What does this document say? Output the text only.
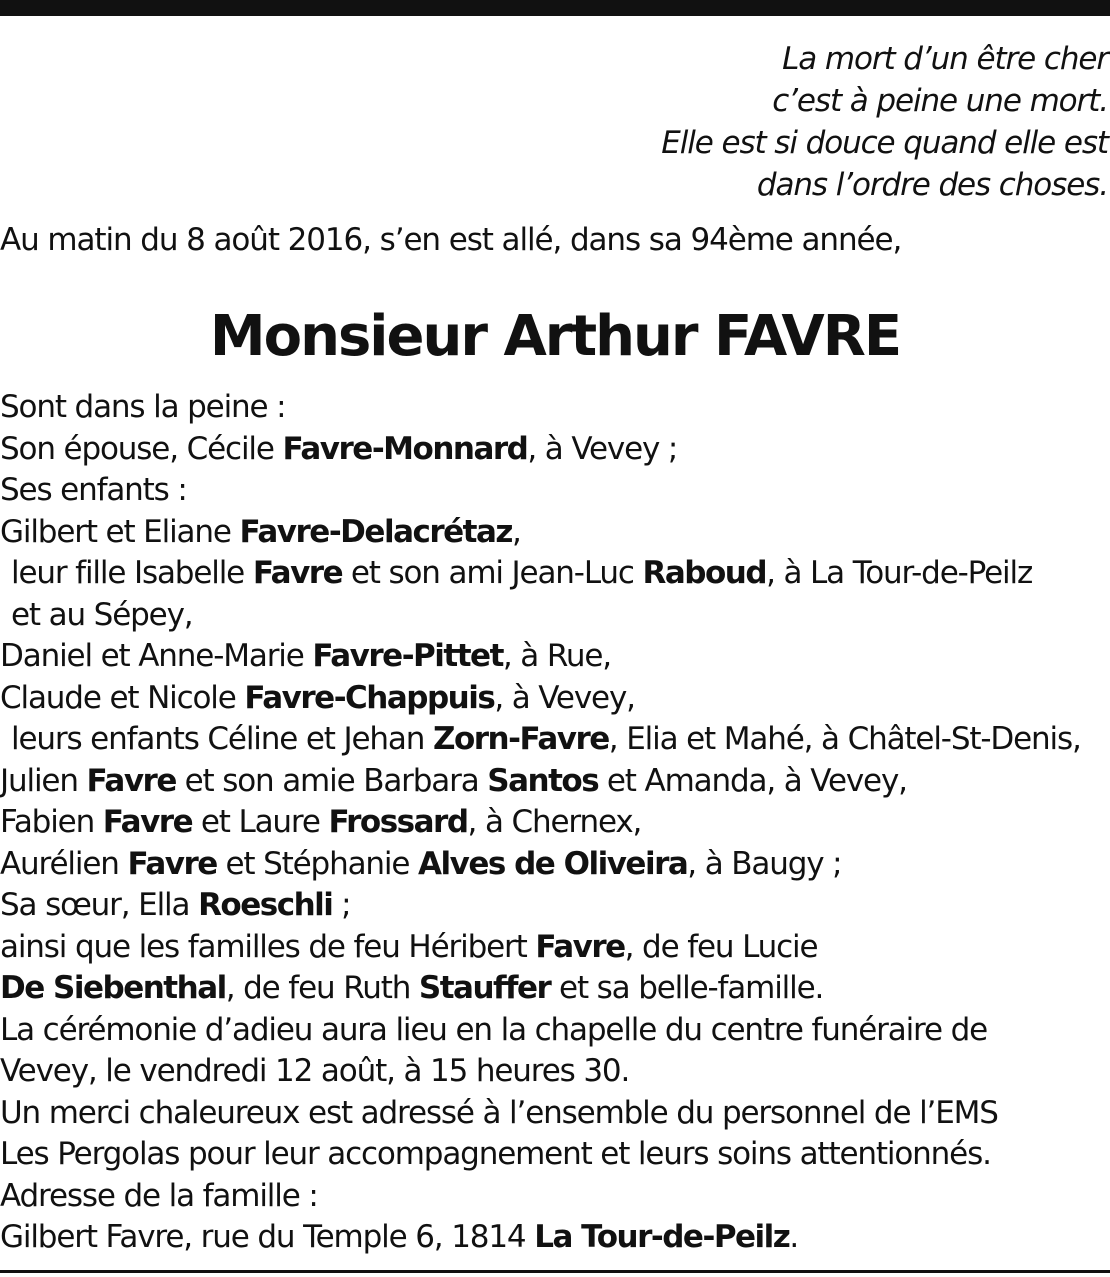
La mort d’un être cher
c’est à peine une mort.
Elle est si douce quand elle est
dans l’ordre des choses.
Au matin du 8 août 2016, s’en est allé, dans sa 94ème année,
Monsieur Arthur FAVRE
Sont dans la peine :
Son épouse, Cécile Favre-Monnard, à Vevey ;
Ses enfants :
Gilbert et Eliane Favre-Delacrétaz,
leur fille Isabelle Favre et son ami Jean-Luc Raboud, à La Tour-de-Peilz
et au Sépey,
Daniel et Anne-Marie Favre-Pittet, à Rue,
Claude et Nicole Favre-Chappuis, à Vevey,
leurs enfants Céline et Jehan Zorn-Favre, Elia et Mahé, à Châtel-St-Denis,
Julien Favre et son amie Barbara Santos et Amanda, à Vevey,
Fabien Favre et Laure Frossard, à Chernex,
Aurélien Favre et Stéphanie Alves de Oliveira, à Baugy ;
Sa sœur, Ella Roeschli ;
ainsi que les familles de feu Héribert Favre, de feu Lucie
De Siebenthal, de feu Ruth Stauffer et sa belle-famille.
La cérémonie d’adieu aura lieu en la chapelle du centre funéraire de
Vevey, le vendredi 12 août, à 15 heures 30.
Un merci chaleureux est adressé à l’ensemble du personnel de l’EMS
Les Pergolas pour leur accompagnement et leurs soins attentionnés.
Adresse de la famille :
Gilbert Favre, rue du Temple 6, 1814 La Tour-de-Peilz.
